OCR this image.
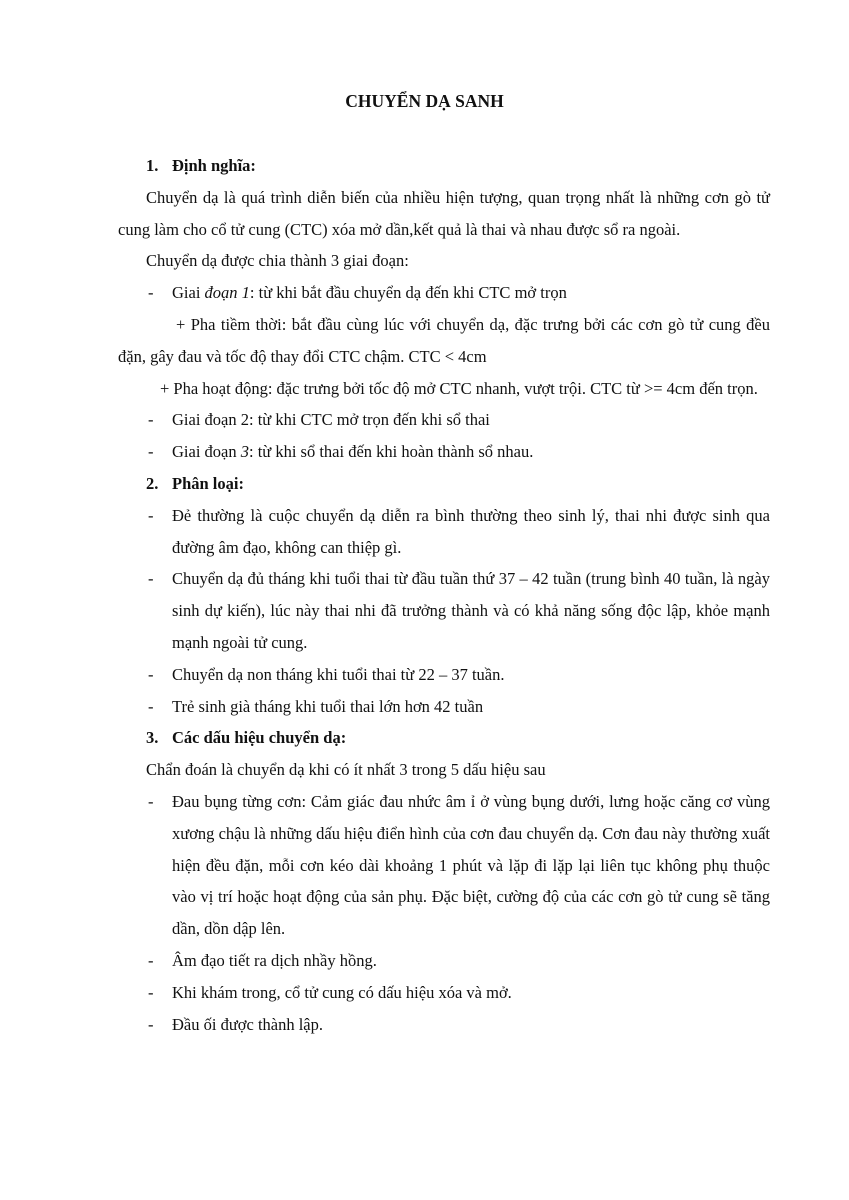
CHUYỂN DẠ SANH

1. Định nghĩa:

Chuyển dạ là quá trình diễn biến của nhiều hiện tượng, quan trọng nhất là những cơn gò tử cung làm cho cổ tử cung (CTC) xóa mở dần,kết quả là thai và nhau được sổ ra ngoài.

Chuyển dạ được chia thành 3 giai đoạn:

- Giai đoạn 1: từ khi bắt đầu chuyển dạ đến khi CTC mở trọn

+ Pha tiềm thời: bắt đầu cùng lúc với chuyển dạ, đặc trưng bởi các cơn gò tử cung đều đặn, gây đau và tốc độ thay đổi CTC chậm. CTC < 4cm

+ Pha hoạt động: đặc trưng bởi tốc độ mở CTC nhanh, vượt trội. CTC từ >= 4cm đến trọn.

- Giai đoạn 2: từ khi CTC mở trọn đến khi sổ thai

- Giai đoạn 3: từ khi sổ thai đến khi hoàn thành sổ nhau.

2. Phân loại:

- Đẻ thường là cuộc chuyển dạ diễn ra bình thường theo sinh lý, thai nhi được sinh qua đường âm đạo, không can thiệp gì.

- Chuyển dạ đủ tháng khi tuổi thai từ đầu tuần thứ 37 – 42 tuần (trung bình 40 tuần, là ngày sinh dự kiến), lúc này thai nhi đã trưởng thành và có khả năng sống độc lập, khỏe mạnh mạnh ngoài tử cung.

- Chuyển dạ non tháng khi tuổi thai từ 22 – 37 tuần.

- Trẻ sinh già tháng khi tuổi thai lớn hơn 42 tuần

3. Các dấu hiệu chuyển dạ:

Chẩn đoán là chuyển dạ khi có ít nhất 3 trong 5 dấu hiệu sau

- Đau bụng từng cơn: Cảm giác đau nhức âm ỉ ở vùng bụng dưới, lưng hoặc căng cơ vùng xương chậu là những dấu hiệu điển hình của cơn đau chuyển dạ. Cơn đau này thường xuất hiện đều đặn, mỗi cơn kéo dài khoảng 1 phút và lặp đi lặp lại liên tục không phụ thuộc vào vị trí hoặc hoạt động của sản phụ. Đặc biệt, cường độ của các cơn gò tử cung sẽ tăng dần, dồn dập lên.

- Âm đạo tiết ra dịch nhầy hồng.

- Khi khám trong, cổ tử cung có dấu hiệu xóa và mở.

- Đầu ối được thành lập.
